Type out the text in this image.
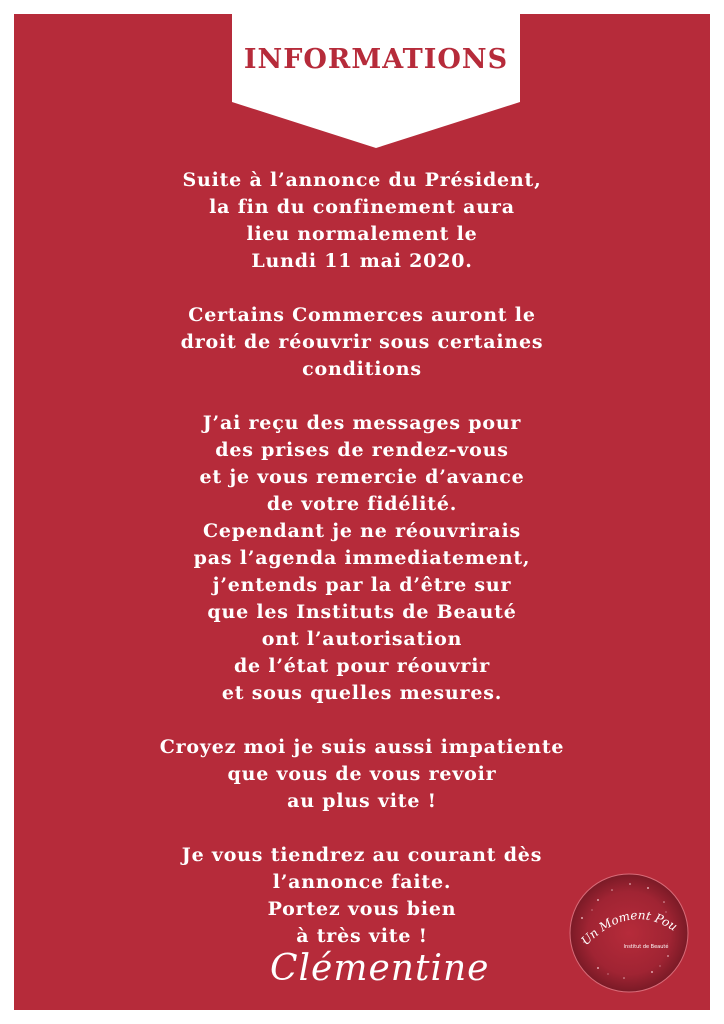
INFORMATIONS
Suite à l’annonce du Président,
la fin du confinement aura
lieu normalement le
Lundi 11 mai 2020.
Certains Commerces auront le
droit de réouvrir sous certaines
conditions
J’ai reçu des messages pour
des prises de rendez-vous
et je vous remercie d’avance
de votre fidélité.
Cependant je ne réouvrirais
pas l’agenda immediatement,
j’entends par la d’être sur
que les Instituts de Beauté
ont l’autorisation
de l’état pour réouvrir
et sous quelles mesures.
Croyez moi je suis aussi impatiente
que vous de vous revoir
au plus vite !
Je vous tiendrez au courant dès
l’annonce faite.
Portez vous bien
à très vite !
Clémentine
Un Moment Pou
Institut de Beauté
